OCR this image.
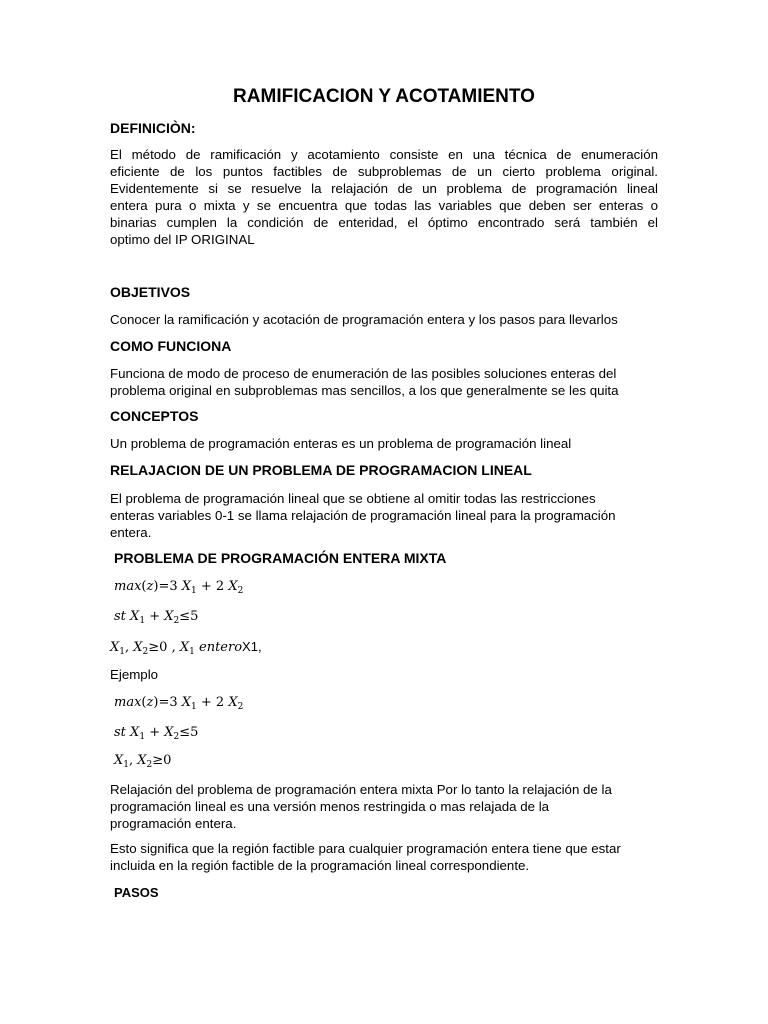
RAMIFICACION Y ACOTAMIENTO
DEFINICIÒN:
El método de ramificación y acotamiento consiste en una técnica de enumeración
eficiente de los puntos factibles de subproblemas de un cierto problema original.
Evidentemente si se resuelve la relajación de un problema de programación lineal
entera pura o mixta y se encuentra que todas las variables que deben ser enteras o
binarias cumplen la condición de enteridad, el óptimo encontrado será también el
optimo del IP ORIGINAL
OBJETIVOS
Conocer la ramificación y acotación de programación entera y los pasos para llevarlos
COMO FUNCIONA
Funciona de modo de proceso de enumeración de las posibles soluciones enteras del
problema original en subproblemas mas sencillos, a los que generalmente se les quita
CONCEPTOS
Un problema de programación enteras es un problema de programación lineal
RELAJACION DE UN PROBLEMA DE PROGRAMACION LINEAL
El problema de programación lineal que se obtiene al omitir todas las restricciones
enteras variables 0-1 se llama relajación de programación lineal para la programación
entera.
PROBLEMA DE PROGRAMACIÓN ENTERA MIXTA
max(z)=3 $X_1 + 2$ $X_2$
st $X_1 + X_2\le 5$
$X_1$, $X_2\ge 0$ , $X_1$ enteroX1,
Ejemplo
max(z)=3 $X_1 + 2$ $X_2$
st $X_1 + X_2\le 5$
$X_1$, $X_2\ge 0$
Relajación del problema de programación entera mixta Por lo tanto la relajación de la
programación lineal es una versión menos restringida o mas relajada de la
programación entera.
Esto significa que la región factible para cualquier programación entera tiene que estar
incluida en la región factible de la programación lineal correspondiente.
PASOS
